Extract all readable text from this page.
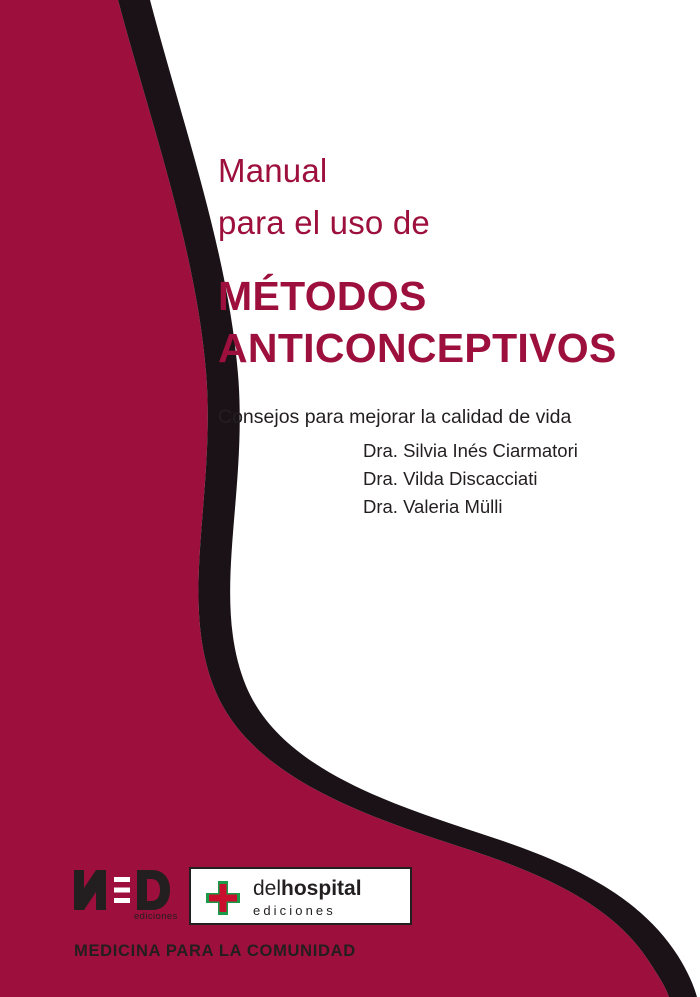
Manual
para el uso de
MÉTODOS
ANTICONCEPTIVOS
Consejos para mejorar la calidad de vida
Dra. Silvia Inés Ciarmatori
Dra. Vilda Discacciati
Dra. Valeria Mülli
ediciones
delhospital
ediciones
MEDICINA PARA LA COMUNIDAD
